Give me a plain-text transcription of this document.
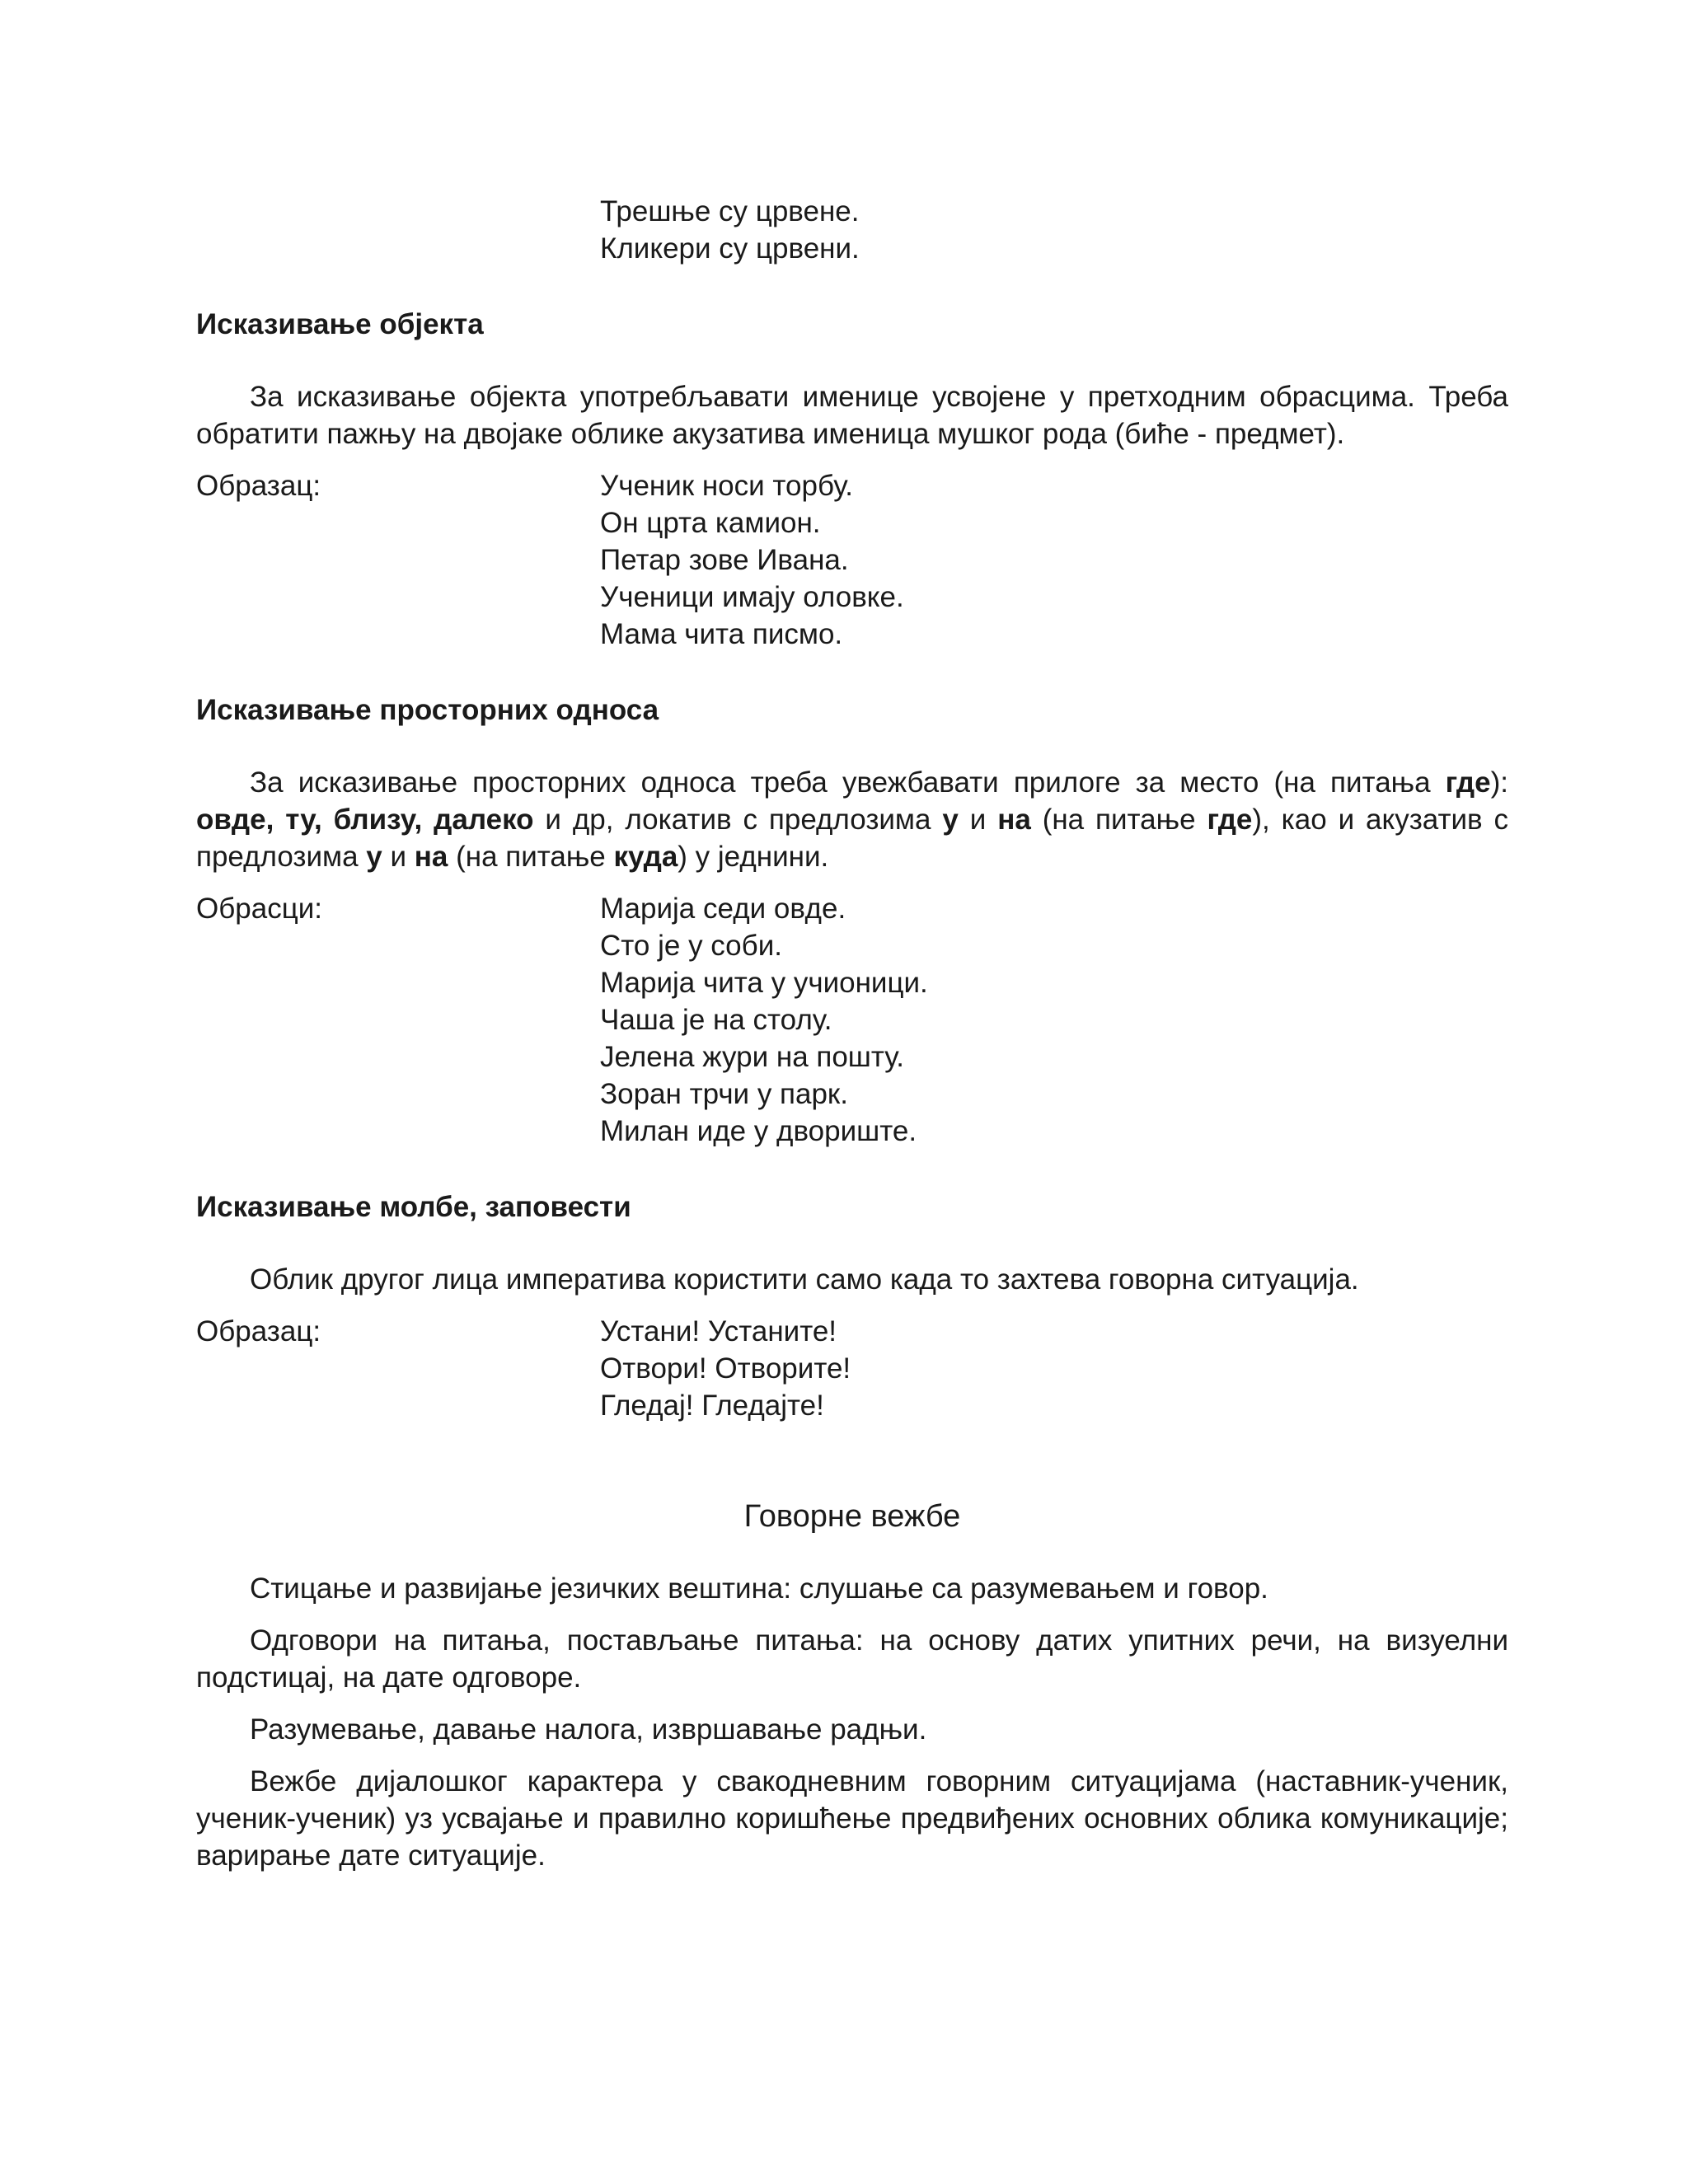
Трешње су црвене.
Кликери су црвени.
Исказивање објекта

За исказивање објекта употребљавати именице усвојене у претходним обрасцима. Треба обратити пажњу на двојаке облике акузатива именица мушког рода (биће - предмет).

Образац:	Ученик носи торбу.
Он црта камион.
Петар зове Ивана.
Ученици имају оловке.
Мама чита писмо.
Исказивање просторних односа

За исказивање просторних односа треба увежбавати прилоге за место (на питања где): овде, ту, близу, далеко и др, локатив с предлозима у и на (на питање где), као и акузатив с предлозима у и на (на питање куда) у једнини.

Обрасци:	Марија седи овде.
Сто је у соби.
Марија чита у учионици.
Чаша је на столу.
Јелена жури на пошту.
Зоран трчи у парк.
Милан иде у двориште.
Исказивање молбе, заповести

Облик другог лица императива користити само када то захтева говорна ситуација.

Образац:	Устани! Устаните!
Отвори! Отворите!
Гледај! Гледајте!
Говорне вежбе

Стицање и развијање језичких вештина: слушање са разумевањем и говор.

Одговори на питања, постављање питања: на основу датих упитних речи, на визуелни подстицај, на дате одговоре.

Разумевање, давање налога, извршавање радњи.

Вежбе дијалошког карактера у свакодневним говорним ситуацијама (наставник-ученик, ученик-ученик) уз усвајање и правилно коришћење предвиђених основних облика комуникације; варирање дате ситуације.
